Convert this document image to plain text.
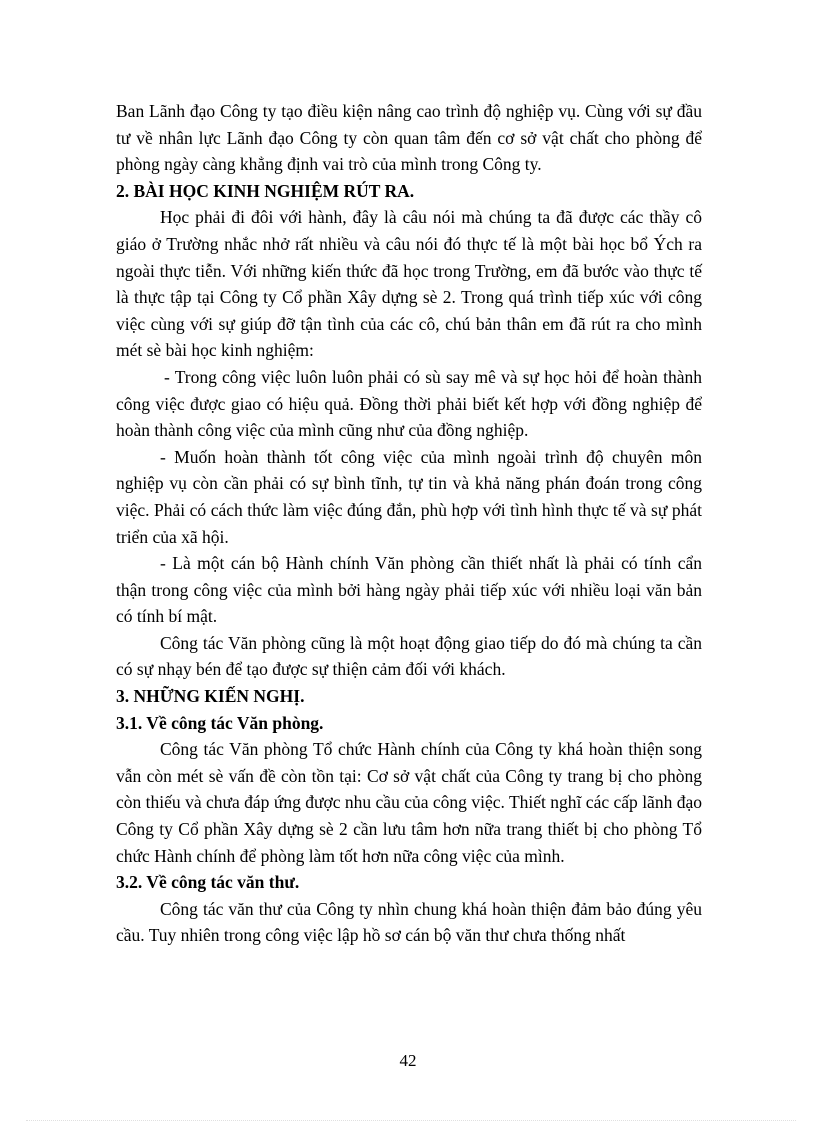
Ban Lãnh đạo Công ty tạo điều kiện nâng cao trình độ nghiệp vụ. Cùng với sự đầu tư về nhân lực Lãnh đạo Công ty còn quan tâm đến cơ sở vật chất cho phòng để phòng ngày càng khẳng định vai trò của mình trong Công ty.

2. BÀI HỌC KINH NGHIỆM RÚT RA.

Học phải đi đôi với hành, đây là câu nói mà chúng ta đã được các thầy cô giáo ở Trường nhắc nhở rất nhiều và câu nói đó thực tế là một bài học bổ Ých ra ngoài thực tiễn. Với những kiến thức đã học trong Trường, em đã bước vào thực tế là thực tập tại Công ty Cổ phần Xây dựng sè 2. Trong quá trình tiếp xúc với công việc cùng với sự giúp đỡ tận tình của các cô, chú bản thân em đã rút ra cho mình mét sè bài học kinh nghiệm:

- Trong công việc luôn luôn phải có sù say mê và sự học hỏi để hoàn thành công việc được giao có hiệu quả. Đồng thời phải biết kết hợp với đồng nghiệp để hoàn thành công việc của mình cũng như của đồng nghiệp.

- Muốn hoàn thành tốt công việc của mình ngoài trình độ chuyên môn nghiệp vụ còn cần phải có sự bình tĩnh, tự tin và khả năng phán đoán trong công việc. Phải có cách thức làm việc đúng đắn, phù hợp với tình hình thực tế và sự phát triển của xã hội.

- Là một cán bộ Hành chính Văn phòng cần thiết nhất là phải có tính cẩn thận trong công việc của mình bởi hàng ngày phải tiếp xúc với nhiều loại văn bản có tính bí mật.

Công tác Văn phòng cũng là một hoạt động giao tiếp do đó mà chúng ta cần có sự nhạy bén để tạo được sự thiện cảm đối với khách.

3. NHỮNG KIẾN NGHỊ.

3.1. Về công tác Văn phòng.

Công tác Văn phòng Tổ chức Hành chính của Công ty khá hoàn thiện song vẫn còn mét sè vấn đề còn tồn tại: Cơ sở vật chất của Công ty trang bị cho phòng còn thiếu và chưa đáp ứng được nhu cầu của công việc. Thiết nghĩ các cấp lãnh đạo Công ty Cổ phần Xây dựng sè 2 cần lưu tâm hơn nữa trang thiết bị cho phòng Tổ chức Hành chính để phòng làm tốt hơn nữa công việc của mình.

3.2. Về công tác văn thư.

Công tác văn thư của Công ty nhìn chung khá hoàn thiện đảm bảo đúng yêu cầu. Tuy nhiên trong công việc lập hồ sơ cán bộ văn thư chưa thống nhất

42
